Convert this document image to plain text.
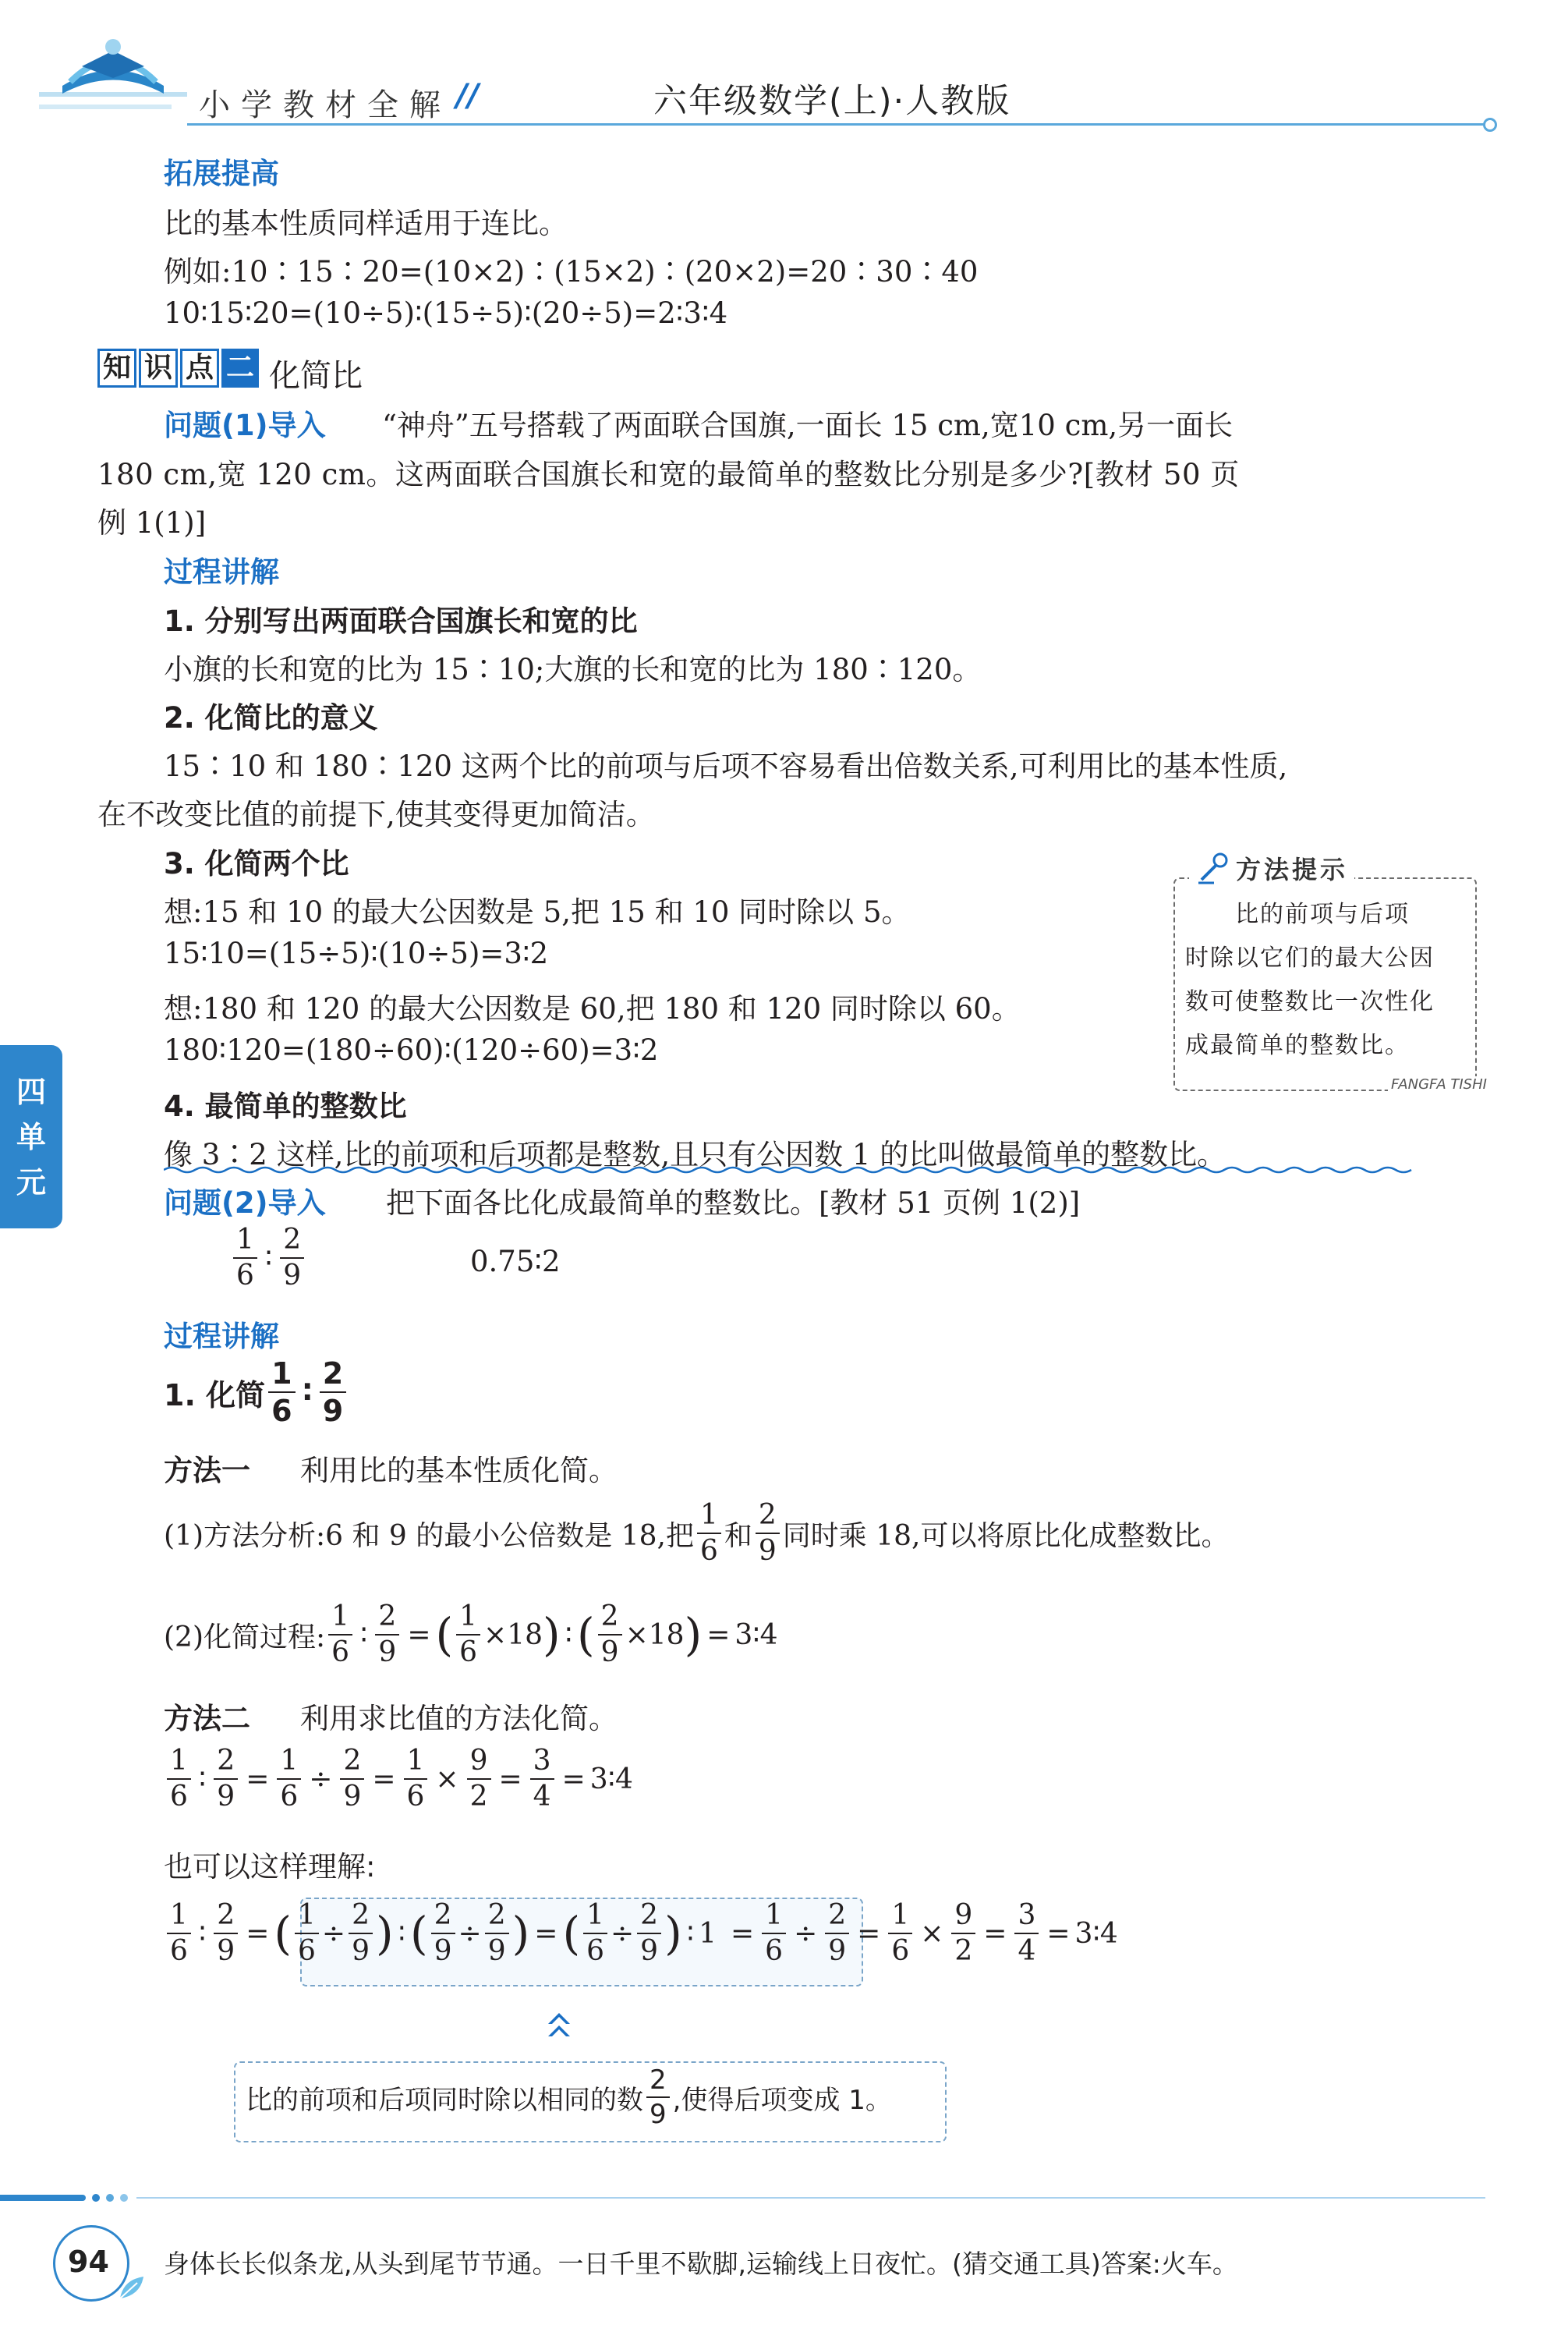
小学教材全解 //	六年级数学(上)·人教版
拓展提高
比的基本性质同样适用于连比。
例如:10∶15∶20=(10×2)∶(15×2)∶(20×2)=20∶30∶40
10∶15∶20=(10÷5)∶(15÷5)∶(20÷5)=2∶3∶4
知 识 点 二 化简比
问题(1)导入 “神舟”五号搭载了两面联合国旗,一面长 15 cm,宽10 cm,另一面长
180 cm,宽 120 cm。这两面联合国旗长和宽的最简单的整数比分别是多少?[教材 50 页
例 1(1)]
过程讲解
1. 分别写出两面联合国旗长和宽的比
小旗的长和宽的比为 15∶10;大旗的长和宽的比为 180∶120。
2. 化简比的意义
15∶10 和 180∶120 这两个比的前项与后项不容易看出倍数关系,可利用比的基本性质,
在不改变比值的前提下,使其变得更加简洁。
3. 化简两个比
想:15 和 10 的最大公因数是 5,把 15 和 10 同时除以 5。
15∶10=(15÷5)∶(10÷5)=3∶2
想:180 和 120 的最大公因数是 60,把 180 和 120 同时除以 60。
180∶120=(180÷60)∶(120÷60)=3∶2
4. 最简单的整数比
像 3∶2 这样,比的前项和后项都是整数,且只有公因数 1 的比叫做最简单的整数比。
方法提示
比的前项与后项
时除以它们的最大公因
数可使整数比一次性化
成最简单的整数比。
FANGFA TISHI
四
单
元
问题(2)导入 把下面各比化成最简单的整数比。[教材 51 页例 1(2)]
$\frac{1}{6}$ ∶ $\frac{2}{9}$	0.75∶2
过程讲解
1. 化简 $\frac{1}{6}$ ∶ $\frac{2}{9}$
方法一 利用比的基本性质化简。
(1)方法分析:6 和 9 的最小公倍数是 18,把 $\frac{1}{6}$ 和 $\frac{2}{9}$ 同时乘 18,可以将原比化成整数比。
(2)化简过程: $\frac{1}{6}$ ∶ $\frac{2}{9}$ = ( $\frac{1}{6} \times 18$ ) ∶ ( $\frac{2}{9} \times 18$ ) = 3∶4
方法二 利用求比值的方法化简。
$\frac{1}{6}$ ∶ $\frac{2}{9} = \frac{1}{6} \div \frac{2}{9} = \frac{1}{6} \times \frac{9}{2} = \frac{3}{4}$ = 3∶4
也可以这样理解:
$\frac{1}{6}$ ∶ $\frac{2}{9}$ = ( $\frac{1}{6} \div \frac{2}{9}$ ) ∶ ( $\frac{2}{9} \div \frac{2}{9}$ ) = ( $\frac{1}{6} \div \frac{2}{9}$ ) ∶ $1 = \frac{1}{6} \div \frac{2}{9} = \frac{1}{6} \times \frac{9}{2} = \frac{3}{4}$ = 3∶4
比的前项和后项同时除以相同的数 $\frac{2}{9}$ ,使得后项变成 1。
94 身体长长似条龙,从头到尾节节通。一日千里不歇脚,运输线上日夜忙。(猜交通工具)答案:火车。
